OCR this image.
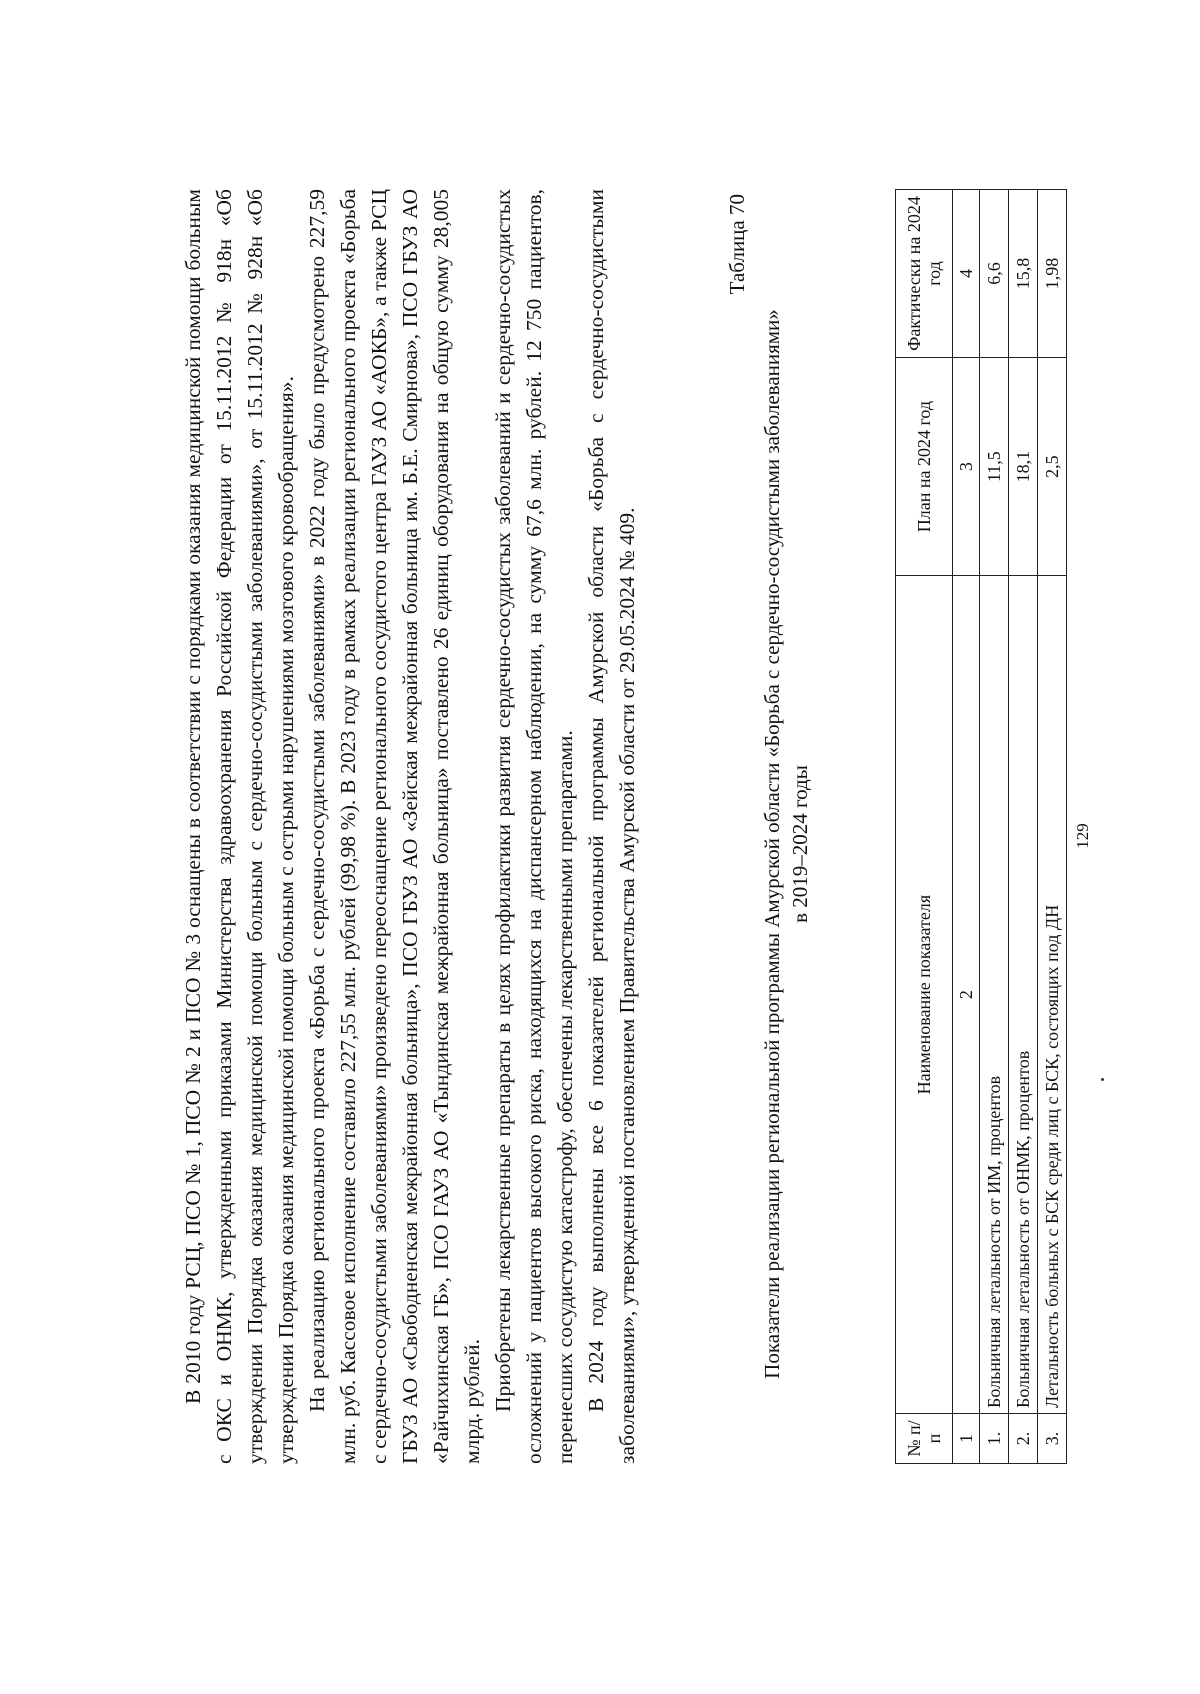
129

В 2010 году РСЦ, ПСО № 1, ПСО № 2 и ПСО № 3 оснащены в соответствии с порядками оказания медицинской помощи больным с ОКС и ОНМК, утвержденными приказами Министерства здравоохранения Российской Федерации от 15.11.2012 № 918н «Об утверждении Порядка оказания медицинской помощи больным с сердечно-сосудистыми заболеваниями», от 15.11.2012 № 928н «Об утверждении Порядка оказания медицинской помощи больным с острыми нарушениями мозгового кровообращения». На реализацию регионального проекта «Борьба с сердечно-сосудистыми заболеваниями» в 2022 году было предусмотрено 227,59 млн. руб. Кассовое исполнение составило 227,55 млн. рублей (99,98 %). В 2023 году в рамках реализации регионального проекта «Борьба с сердечно-сосудистыми заболеваниями» произведено переоснащение регионального сосудистого центра ГАУЗ АО «АОКБ», а также РСЦ ГБУЗ АО «Свободненская межрайонная больница», ПСО ГБУЗ АО «Зейская межрайонная больница им. Б.Е. Смирнова», ПСО ГБУЗ АО «Райчихинская ГБ», ПСО ГАУЗ АО «Тындинская межрайонная больница» поставлено 26 единиц оборудования на общую сумму 28,005 млрд. рублей. Приобретены лекарственные препараты в целях профилактики развития сердечно-сосудистых заболеваний и сердечно-сосудистых осложнений у пациентов высокого риска, находящихся на диспансерном наблюдении, на сумму 67,6 млн. рублей. 12 750 пациентов, перенесших сосудистую катастрофу, обеспечены лекарственными препаратами. В 2024 году выполнены все 6 показателей региональной программы Амурской области «Борьба с сердечно-сосудистыми заболеваниями», утвержденной постановлением Правительства Амурской области от 29.05.2024 № 409.

Таблица 70
Показатели реализации региональной программы Амурской области «Борьба с сердечно-сосудистыми заболеваниями» в 2019–2024 годы
№ п/п	Наименование показателя	План на 2024 год	Фактически на 2024 год
1	2	3	4
1.	Больничная летальность от ИМ, процентов	11,5	6,6
2.	Больничная летальность от ОНМК, процентов	18,1	15,8
3.	Летальность больных с БСК среди лиц с БСК, состоящих под ДН	2,5	1,98
